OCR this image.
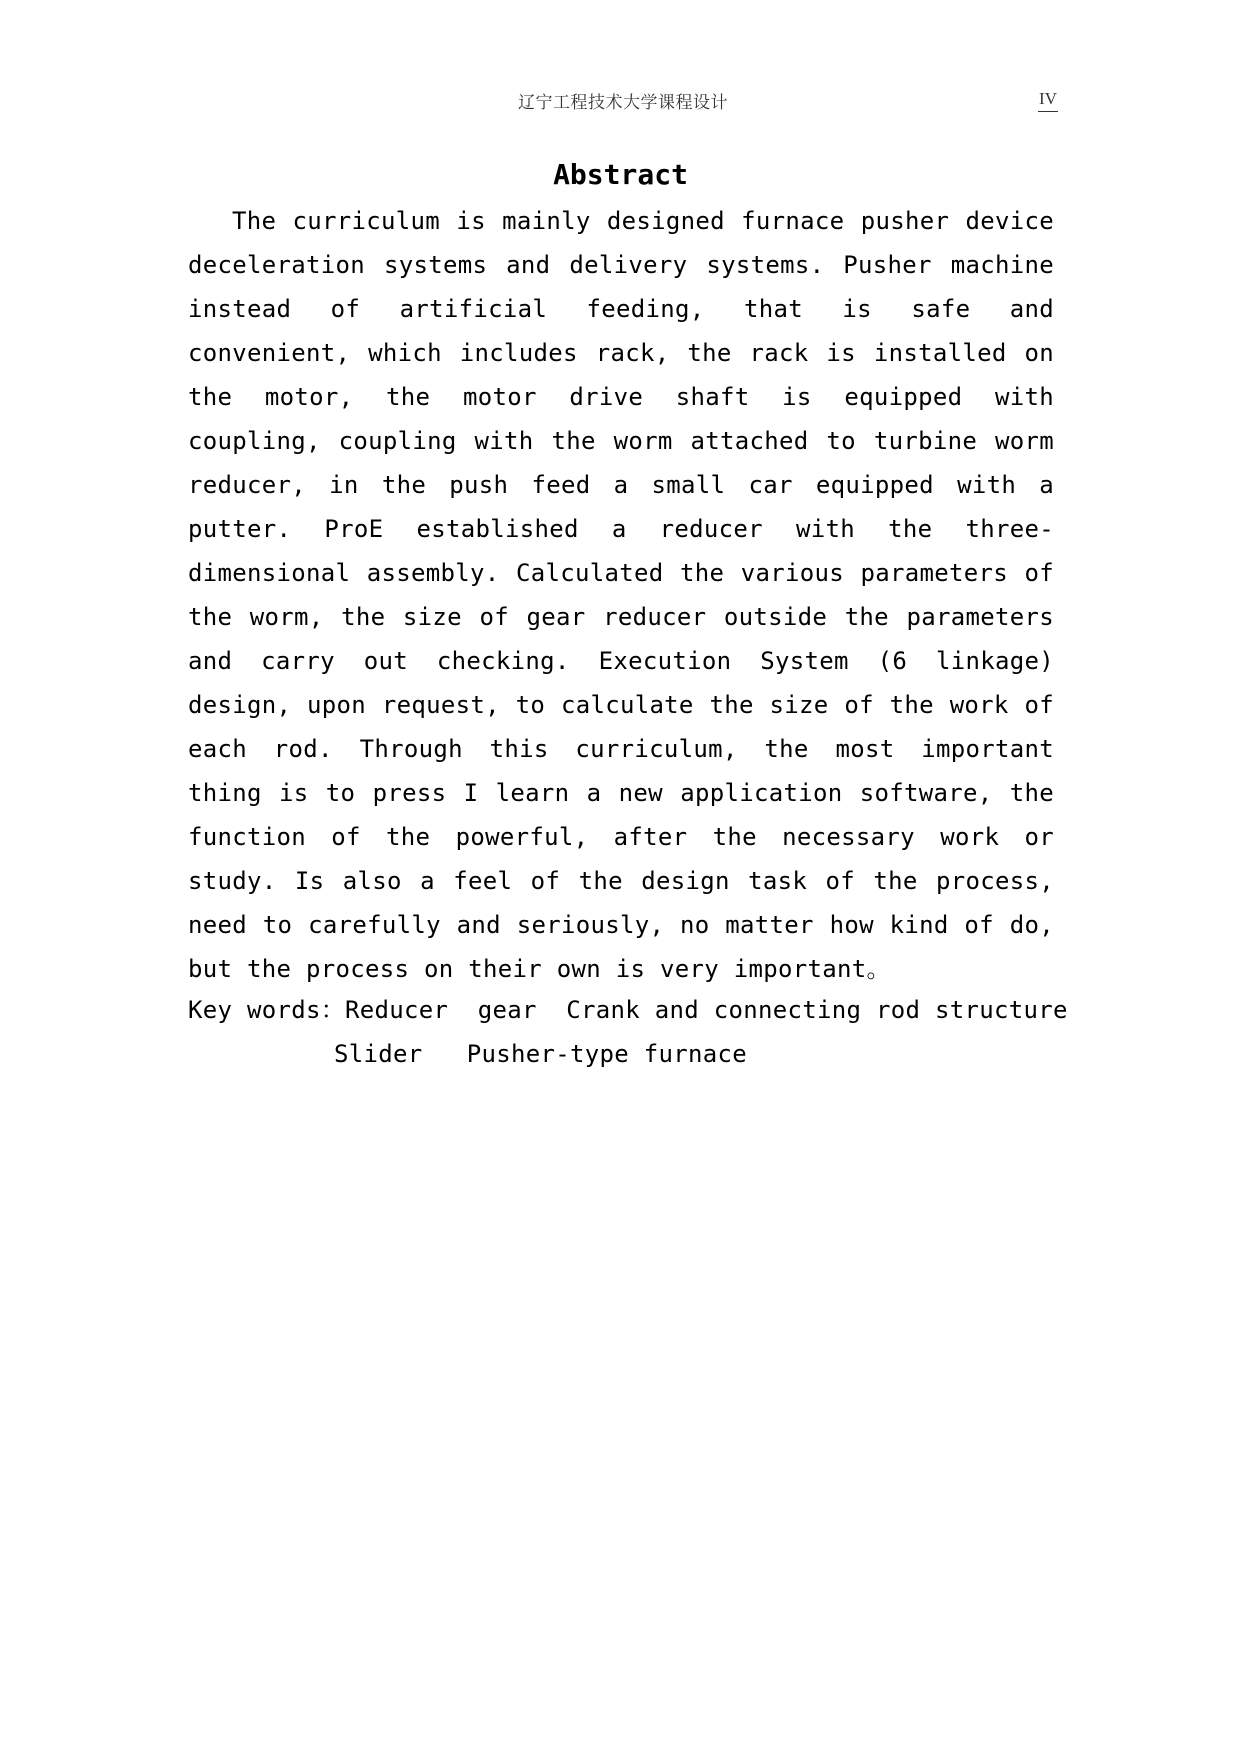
辽宁工程技术大学课程设计	IV
Abstract

The curriculum is mainly designed furnace pusher device deceleration systems and delivery systems. Pusher machine instead of artificial feeding, that is safe and convenient, which includes rack, the rack is installed on the motor, the motor drive shaft is equipped with coupling, coupling with the worm attached to turbine worm reducer, in the push feed a small car equipped with a putter. ProE established a reducer with the three-dimensional assembly. Calculated the various parameters of the worm, the size of gear reducer outside the parameters and carry out checking. Execution System (6 linkage) design, upon request, to calculate the size of the work of each rod. Through this curriculum, the most important thing is to press I learn a new application software, the function of the powerful, after the necessary work or study. Is also a feel of the design task of the process, need to carefully and seriously, no matter how kind of do, but the process on their own is very important。

Key words：Reducer  gear  Crank and connecting rod structure
Slider   Pusher-type furnace
